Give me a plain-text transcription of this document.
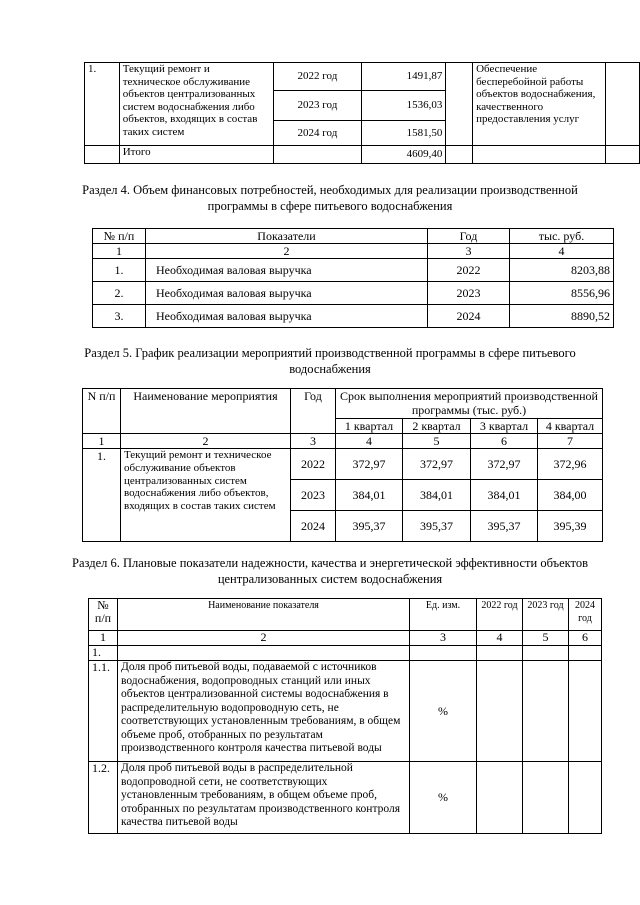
1.	Текущий ремонт и техническое обслуживание объектов централизованных систем водоснабжения либо объектов, входящих в состав таких систем	2022 год	1491,87		Обеспечение бесперебойной работы объектов водоснабжения, качественного предоставления услуг	
		2023 год	1536,03			
		2024 год	1581,50			
	Итого		4609,40			

Раздел 4. Объем финансовых потребностей, необходимых для реализации производственной программы в сфере питьевого водоснабжения

№ п/п	Показатели	Год	тыс. руб.
1	2	3	4
1.	Необходимая валовая выручка	2022	8203,88
2.	Необходимая валовая выручка	2023	8556,96
3.	Необходимая валовая выручка	2024	8890,52

Раздел 5. График реализации мероприятий производственной программы в сфере питьевого водоснабжения

N п/п	Наименование мероприятия	Год	Срок выполнения мероприятий производственной программы (тыс. руб.)			
			1 квартал	2 квартал	3 квартал	4 квартал
1	2	3	4	5	6	7
1.	Текущий ремонт и техническое обслуживание объектов централизованных систем водоснабжения либо объектов, входящих в состав таких систем	2022	372,97	372,97	372,97	372,96
		2023	384,01	384,01	384,01	384,00
		2024	395,37	395,37	395,37	395,39

Раздел 6. Плановые показатели надежности, качества и энергетической эффективности объектов централизованных систем водоснабжения

№ п/п	Наименование показателя	Ед. изм.	2022 год	2023 год	2024 год
1	2	3	4	5	6
1.					
1.1.	Доля проб питьевой воды, подаваемой с источников водоснабжения, водопроводных станций или иных объектов централизованной системы водоснабжения в распределительную водопроводную сеть, не соответствующих установленным требованиям, в общем объеме проб, отобранных по результатам производственного контроля качества питьевой воды	%			
1.2.	Доля проб питьевой воды в распределительной водопроводной сети, не соответствующих установленным требованиям, в общем объеме проб, отобранных по результатам производственного контроля качества питьевой воды	%			
